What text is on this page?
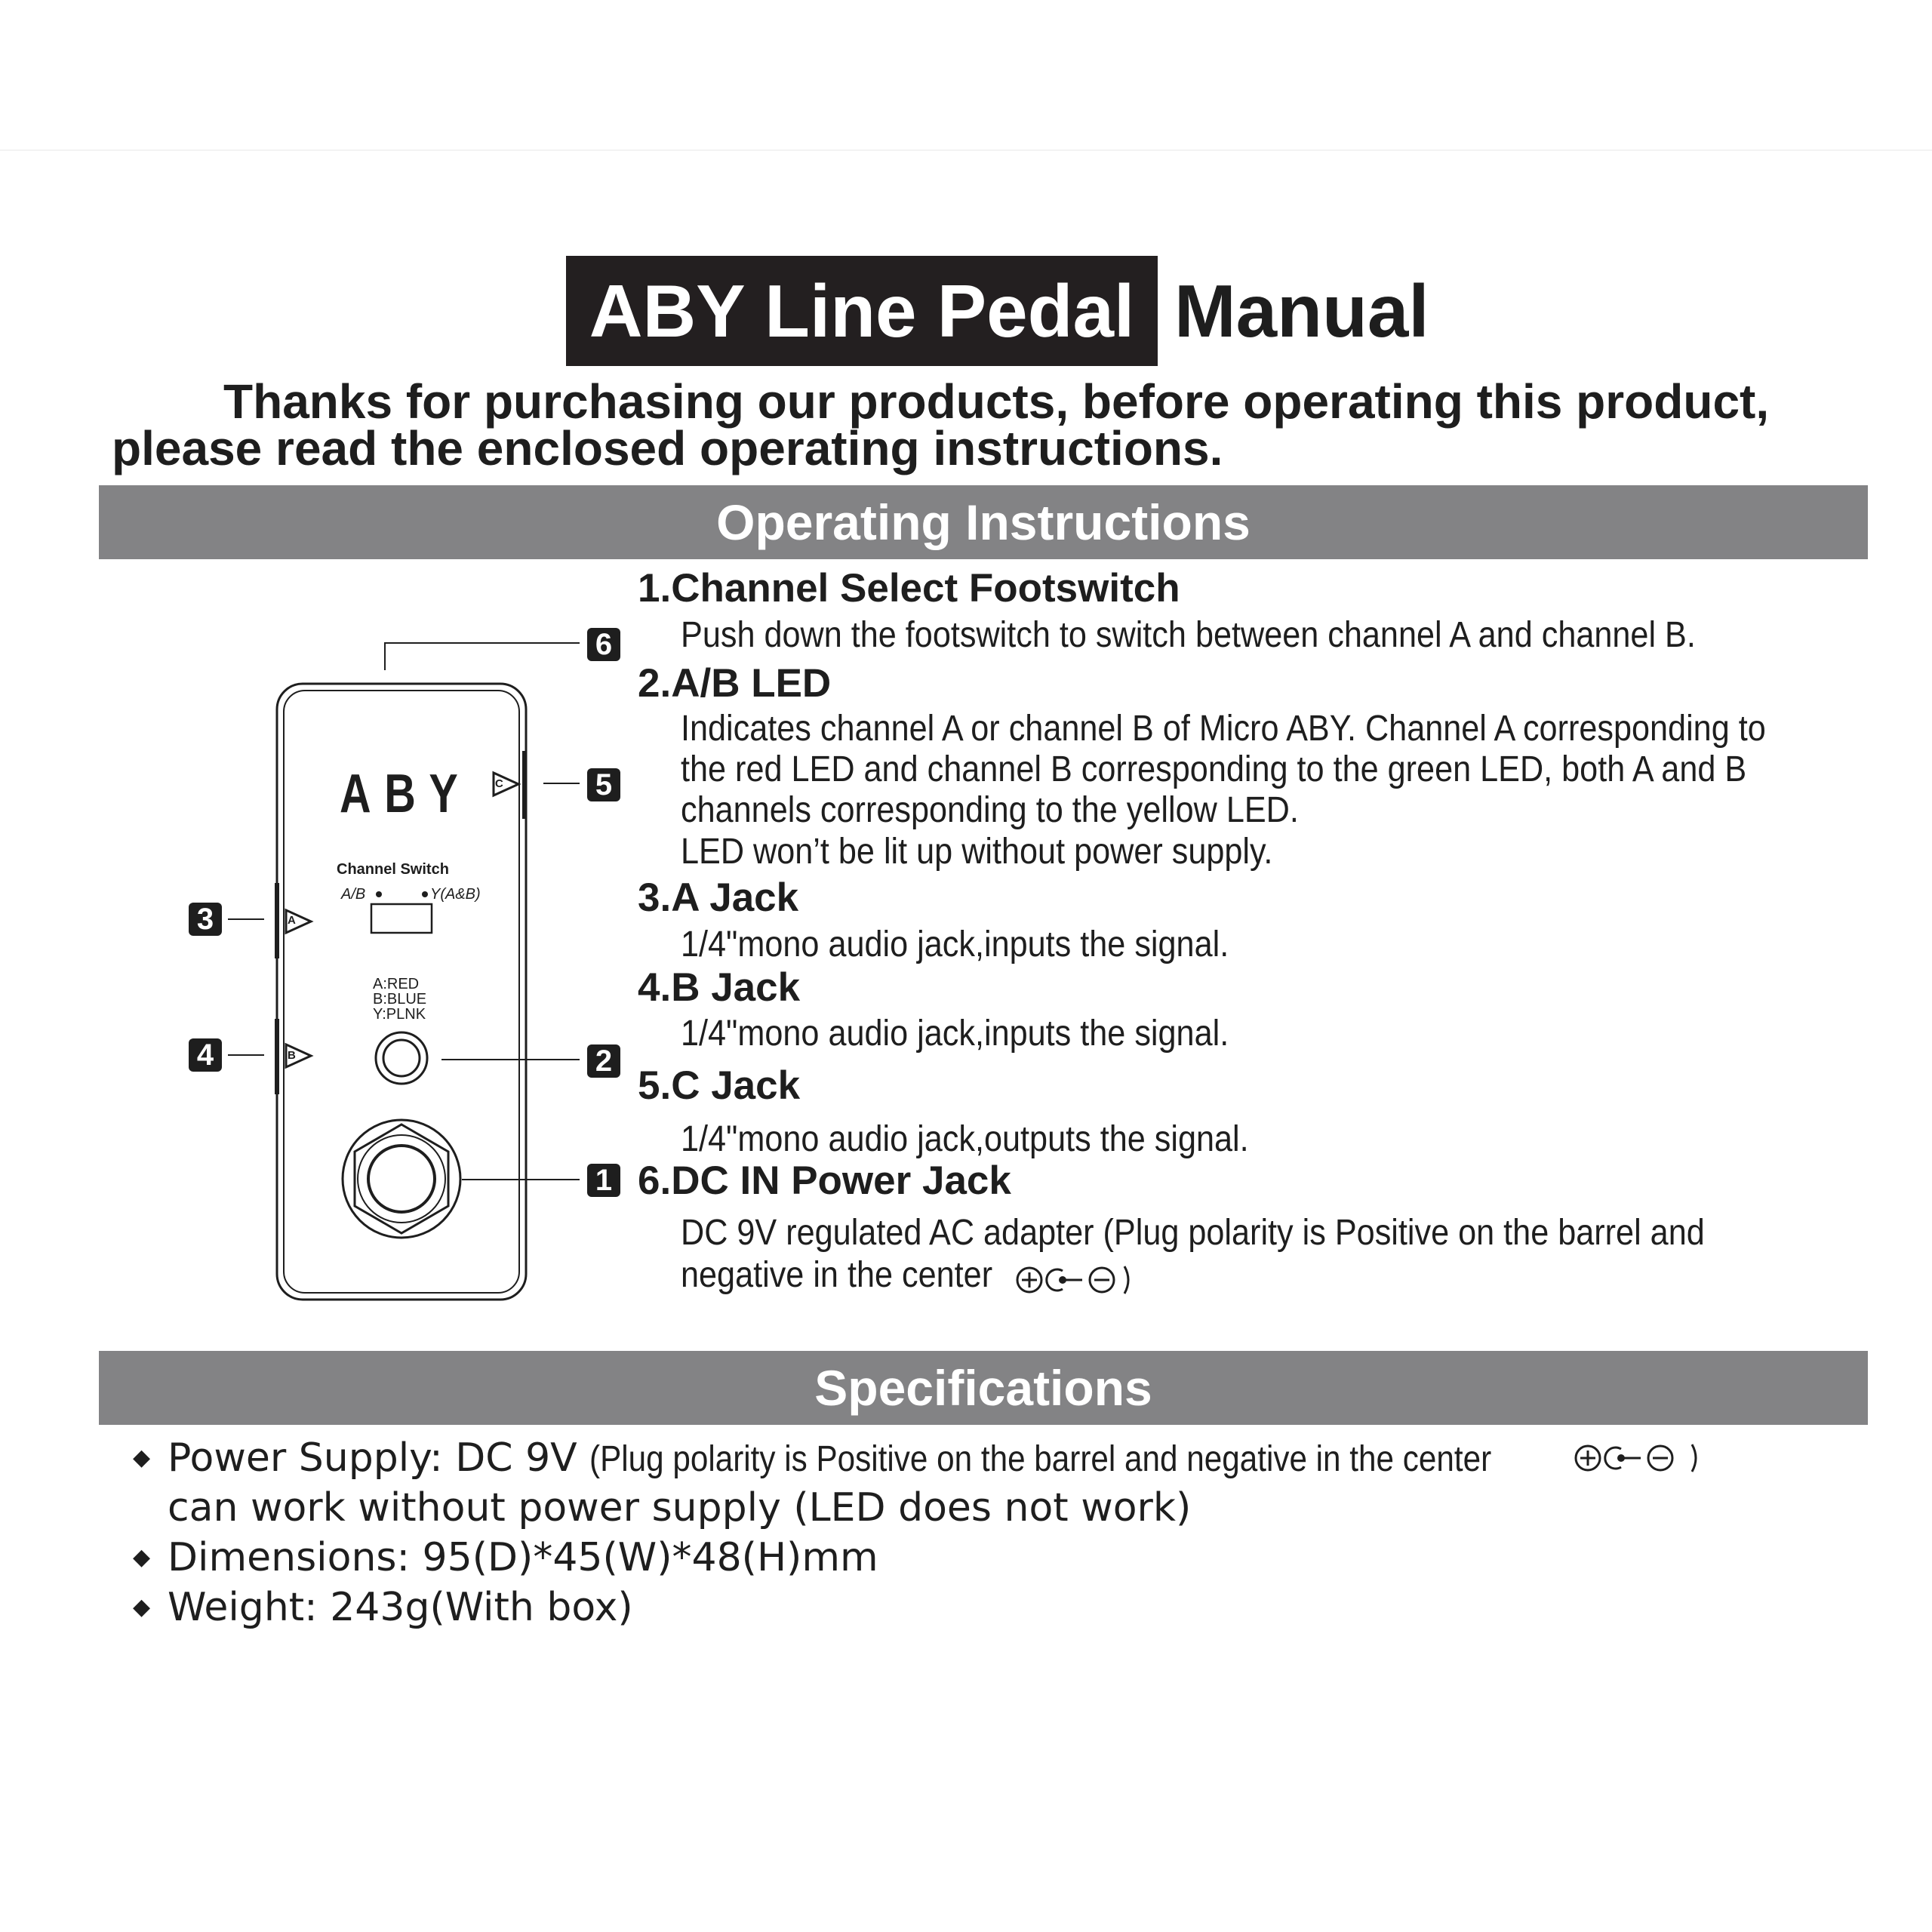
ABY Line Pedal Manual
Thanks for purchasing our products, before operating this product,
please read the enclosed operating instructions.
Operating Instructions
ABY
Channel Switch
A/B	Y(A&B)
A:RED
B:BLUE
Y:PLNK
A
B
C
6
5
3
4	2
1
1.Channel Select Footswitch
Push down the footswitch to switch between channel A and channel B.
2.A/B LED
Indicates channel A or channel B of Micro ABY. Channel A corresponding to
the red LED and channel B corresponding to the green LED, both A and B
channels corresponding to the yellow LED.
LED won’t be lit up without power supply.
3.A Jack
1/4"mono audio jack,inputs the signal.
4.B Jack
1/4"mono audio jack,inputs the signal.
5.C Jack
1/4"mono audio jack,outputs the signal.
6.DC IN Power Jack
DC 9V regulated AC adapter (Plug polarity is Positive on the barrel and
negative in the center
Specifications
◆ Power Supply: DC 9V (Plug polarity is Positive on the barrel and negative in the center
can work without power supply (LED does not work)
◆ Dimensions: 95(D)*45(W)*48(H)mm
◆ Weight: 243g(With box)
